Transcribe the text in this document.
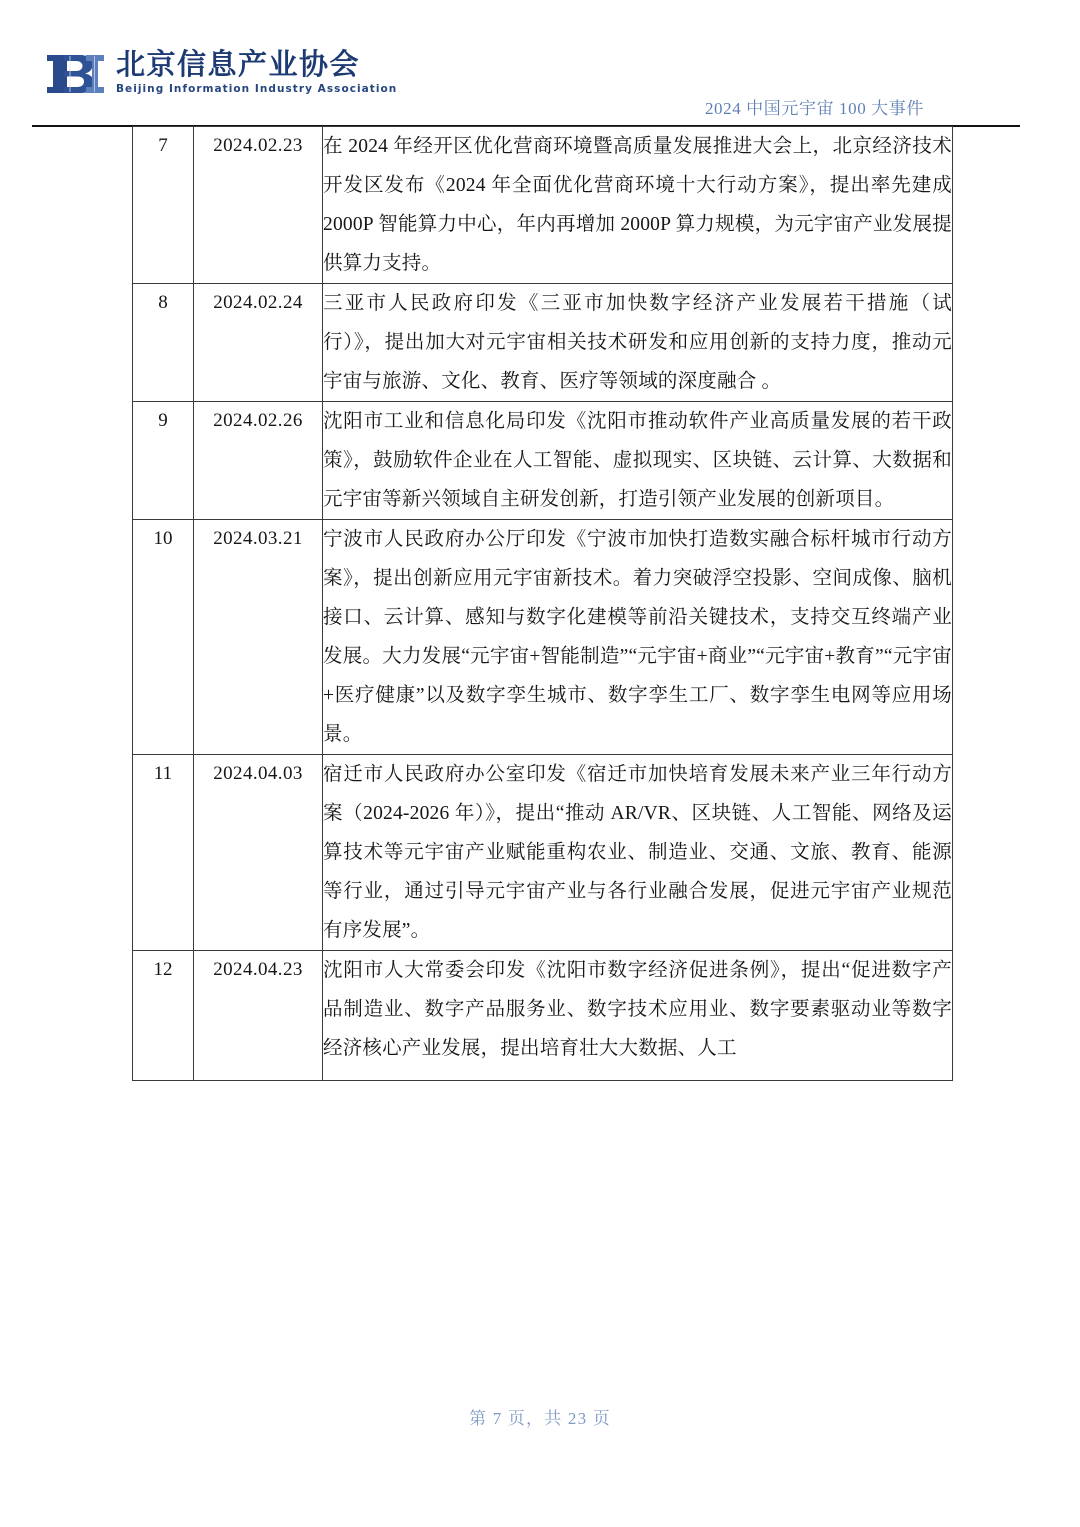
北京信息产业协会
Beijing Information Industry Association
2024 中国元宇宙 100 大事件
7	2024.02.23	在 2024 年经开区优化营商环境暨高质量发展推进大会上，北京经济技术开发区发布《2024 年全面优化营商环境十大行动方案》，提出率先建成 2000P 智能算力中心，年内再增加 2000P 算力规模，为元宇宙产业发展提供算力支持。
8	2024.02.24	三亚市人民政府印发《三亚市加快数字经济产业发展若干措施（试行）》，提出加大对元宇宙相关技术研发和应用创新的支持力度，推动元宇宙与旅游、文化、教育、医疗等领域的深度融合 。
9	2024.02.26	沈阳市工业和信息化局印发《沈阳市推动软件产业高质量发展的若干政策》，鼓励软件企业在人工智能、虚拟现实、区块链、云计算、大数据和元宇宙等新兴领域自主研发创新，打造引领产业发展的创新项目。
10	2024.03.21	宁波市人民政府办公厅印发《宁波市加快打造数实融合标杆城市行动方案》，提出创新应用元宇宙新技术。着力突破浮空投影、空间成像、脑机接口、云计算、感知与数字化建模等前沿关键技术，支持交互终端产业发展。大力发展“元宇宙+智能制造”“元宇宙+商业”“元宇宙+教育”“元宇宙+医疗健康”以及数字孪生城市、数字孪生工厂、数字孪生电网等应用场景。
11	2024.04.03	宿迁市人民政府办公室印发《宿迁市加快培育发展未来产业三年行动方案（2024-2026 年）》，提出“推动 AR/VR、区块链、人工智能、网络及运算技术等元宇宙产业赋能重构农业、制造业、交通、文旅、教育、能源等行业，通过引导元宇宙产业与各行业融合发展，促进元宇宙产业规范有序发展”。
12	2024.04.23	沈阳市人大常委会印发《沈阳市数字经济促进条例》，提出“促进数字产品制造业、数字产品服务业、数字技术应用业、数字要素驱动业等数字经济核心产业发展，提出培育壮大大数据、人工
第 7 页，共 23 页
